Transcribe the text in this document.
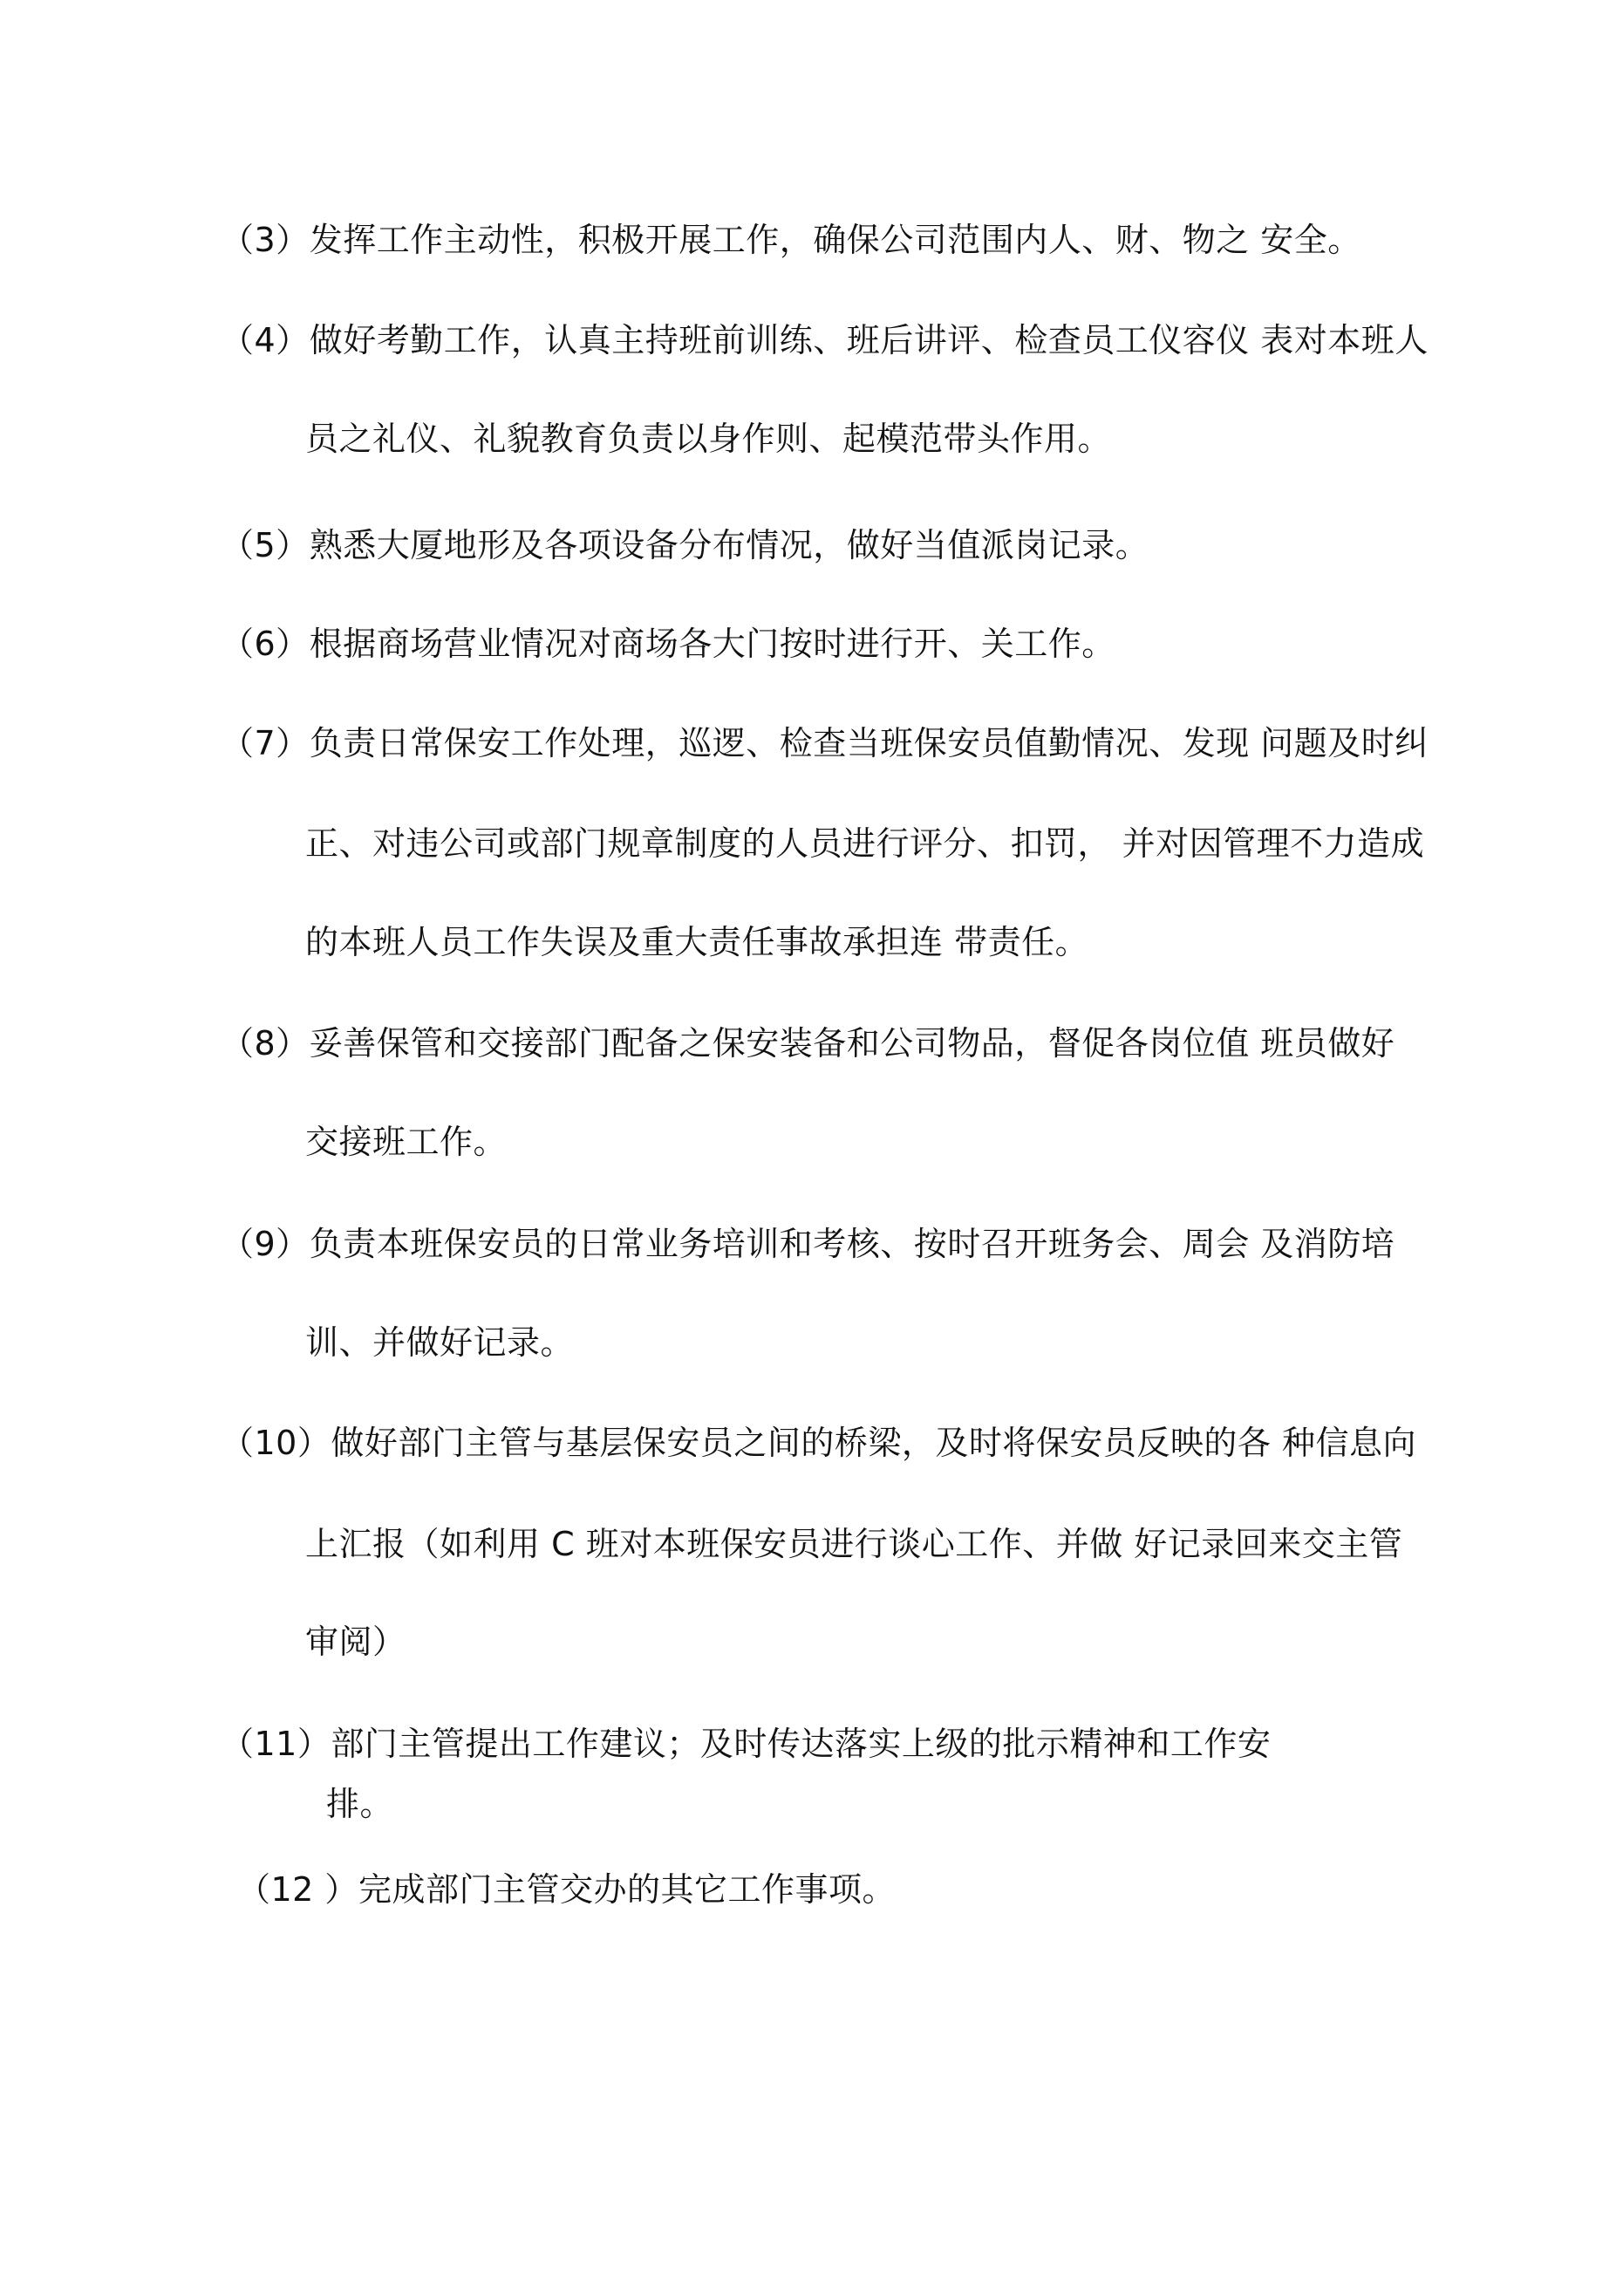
（3）发挥工作主动性，积极开展工作，确保公司范围内人、财、物之 安全。
（4）做好考勤工作，认真主持班前训练、班后讲评、检查员工仪容仪 表对本班人
员之礼仪、礼貌教育负责以身作则、起模范带头作用。
（5）熟悉大厦地形及各项设备分布情况，做好当值派岗记录。
（6）根据商场营业情况对商场各大门按时进行开、关工作。
（7）负责日常保安工作处理，巡逻、检查当班保安员值勤情况、发现 问题及时纠
正、对违公司或部门规章制度的人员进行评分、扣罚， 并对因管理不力造成
的本班人员工作失误及重大责任事故承担连 带责任。
（8）妥善保管和交接部门配备之保安装备和公司物品，督促各岗位值 班员做好
交接班工作。
（9）负责本班保安员的日常业务培训和考核、按时召开班务会、周会 及消防培
训、并做好记录。
（10）做好部门主管与基层保安员之间的桥梁，及时将保安员反映的各 种信息向
上汇报（如利用 C 班对本班保安员进行谈心工作、并做 好记录回来交主管
审阅）
（11）部门主管提出工作建议；及时传达落实上级的批示精神和工作安
排。
（12 ）完成部门主管交办的其它工作事项。
